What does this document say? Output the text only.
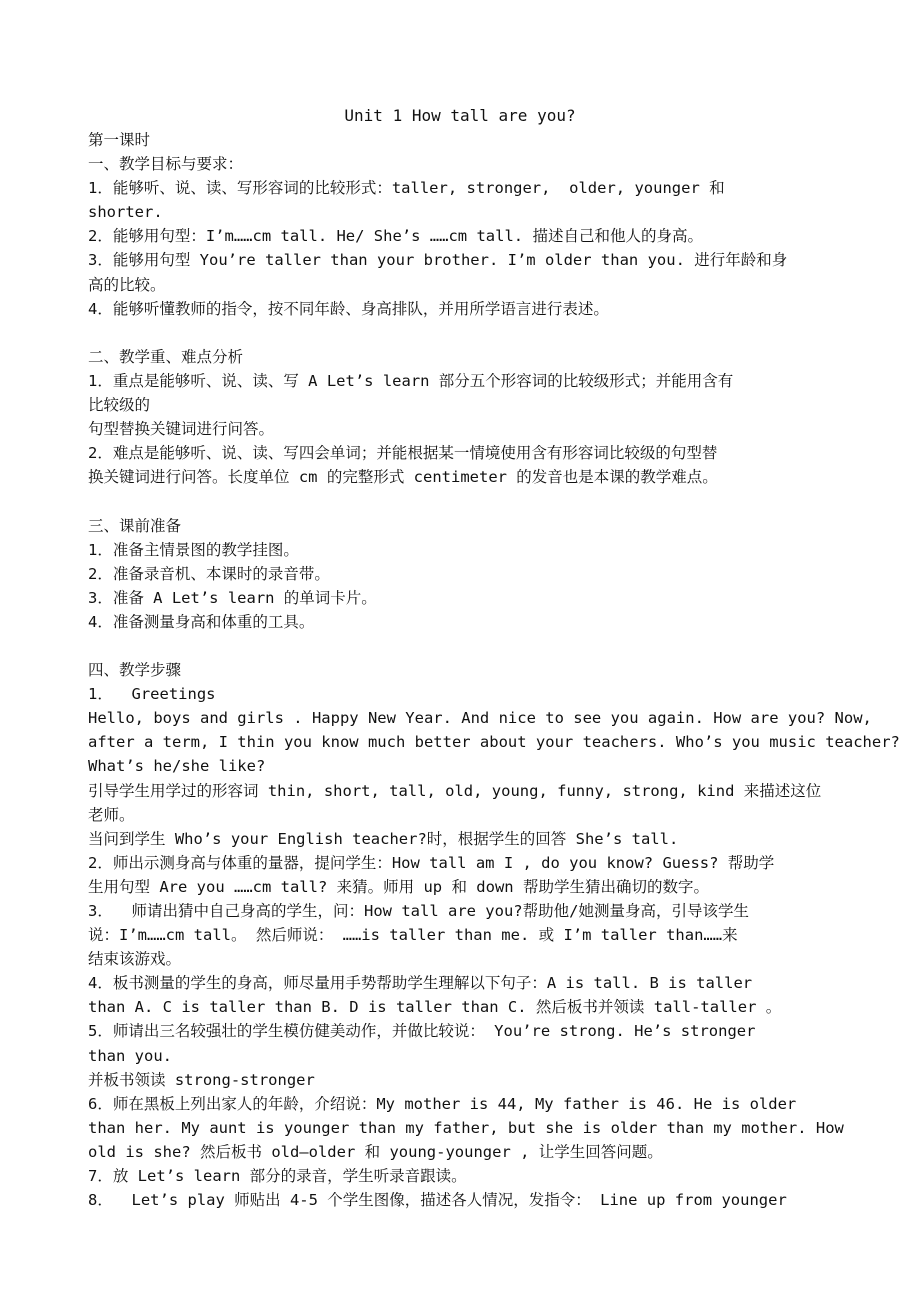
Unit 1 How tall are you?

第一课时

一、教学目标与要求：

1．能够听、说、读、写形容词的比较形式：taller, stronger,  older, younger 和

shorter.

2．能够用句型：I’m……cm tall. He/ She’s ……cm tall. 描述自己和他人的身高。

3．能够用句型 You’re taller than your brother. I’m older than you. 进行年龄和身

高的比较。

4．能够听懂教师的指令，按不同年龄、身高排队，并用所学语言进行表述。

二、教学重、难点分析

1．重点是能够听、说、读、写 A Let’s learn 部分五个形容词的比较级形式；并能用含有

比较级的

句型替换关键词进行问答。

2．难点是能够听、说、读、写四会单词；并能根据某一情境使用含有形容词比较级的句型替

换关键词进行问答。长度单位 cm 的完整形式 centimeter 的发音也是本课的教学难点。

三、课前准备

1．准备主情景图的教学挂图。

2．准备录音机、本课时的录音带。

3．准备 A Let’s learn 的单词卡片。

4．准备测量身高和体重的工具。

四、教学步骤

1．  Greetings

Hello, boys and girls . Happy New Year. And nice to see you again. How are you? Now,

after a term, I thin you know much better about your teachers. Who’s you music teacher?

What’s he/she like?

引导学生用学过的形容词 thin, short, tall, old, young, funny, strong, kind 来描述这位

老师。

当问到学生 Who’s your English teacher?时，根据学生的回答 She’s tall.

2．师出示测身高与体重的量器，提问学生：How tall am I , do you know? Guess? 帮助学

生用句型 Are you ……cm tall? 来猜。师用 up 和 down 帮助学生猜出确切的数字。

3．  师请出猜中自己身高的学生，问：How tall are you?帮助他/她测量身高，引导该学生

说：I’m……cm tall。 然后师说： ……is taller than me. 或 I’m taller than……来

结束该游戏。

4．板书测量的学生的身高，师尽量用手势帮助学生理解以下句子：A is tall. B is taller

than A. C is taller than B. D is taller than C. 然后板书并领读 tall-taller 。

5．师请出三名较强壮的学生模仿健美动作，并做比较说： You’re strong. He’s stronger

than you.

并板书领读 strong-stronger

6．师在黑板上列出家人的年龄，介绍说：My mother is 44, My father is 46. He is older

than her. My aunt is younger than my father, but she is older than my mother. How

old is she? 然后板书 old—older 和 young-younger , 让学生回答问题。

7．放 Let’s learn 部分的录音，学生听录音跟读。

8．  Let’s play 师贴出 4-5 个学生图像，描述各人情况，发指令： Line up from younger
